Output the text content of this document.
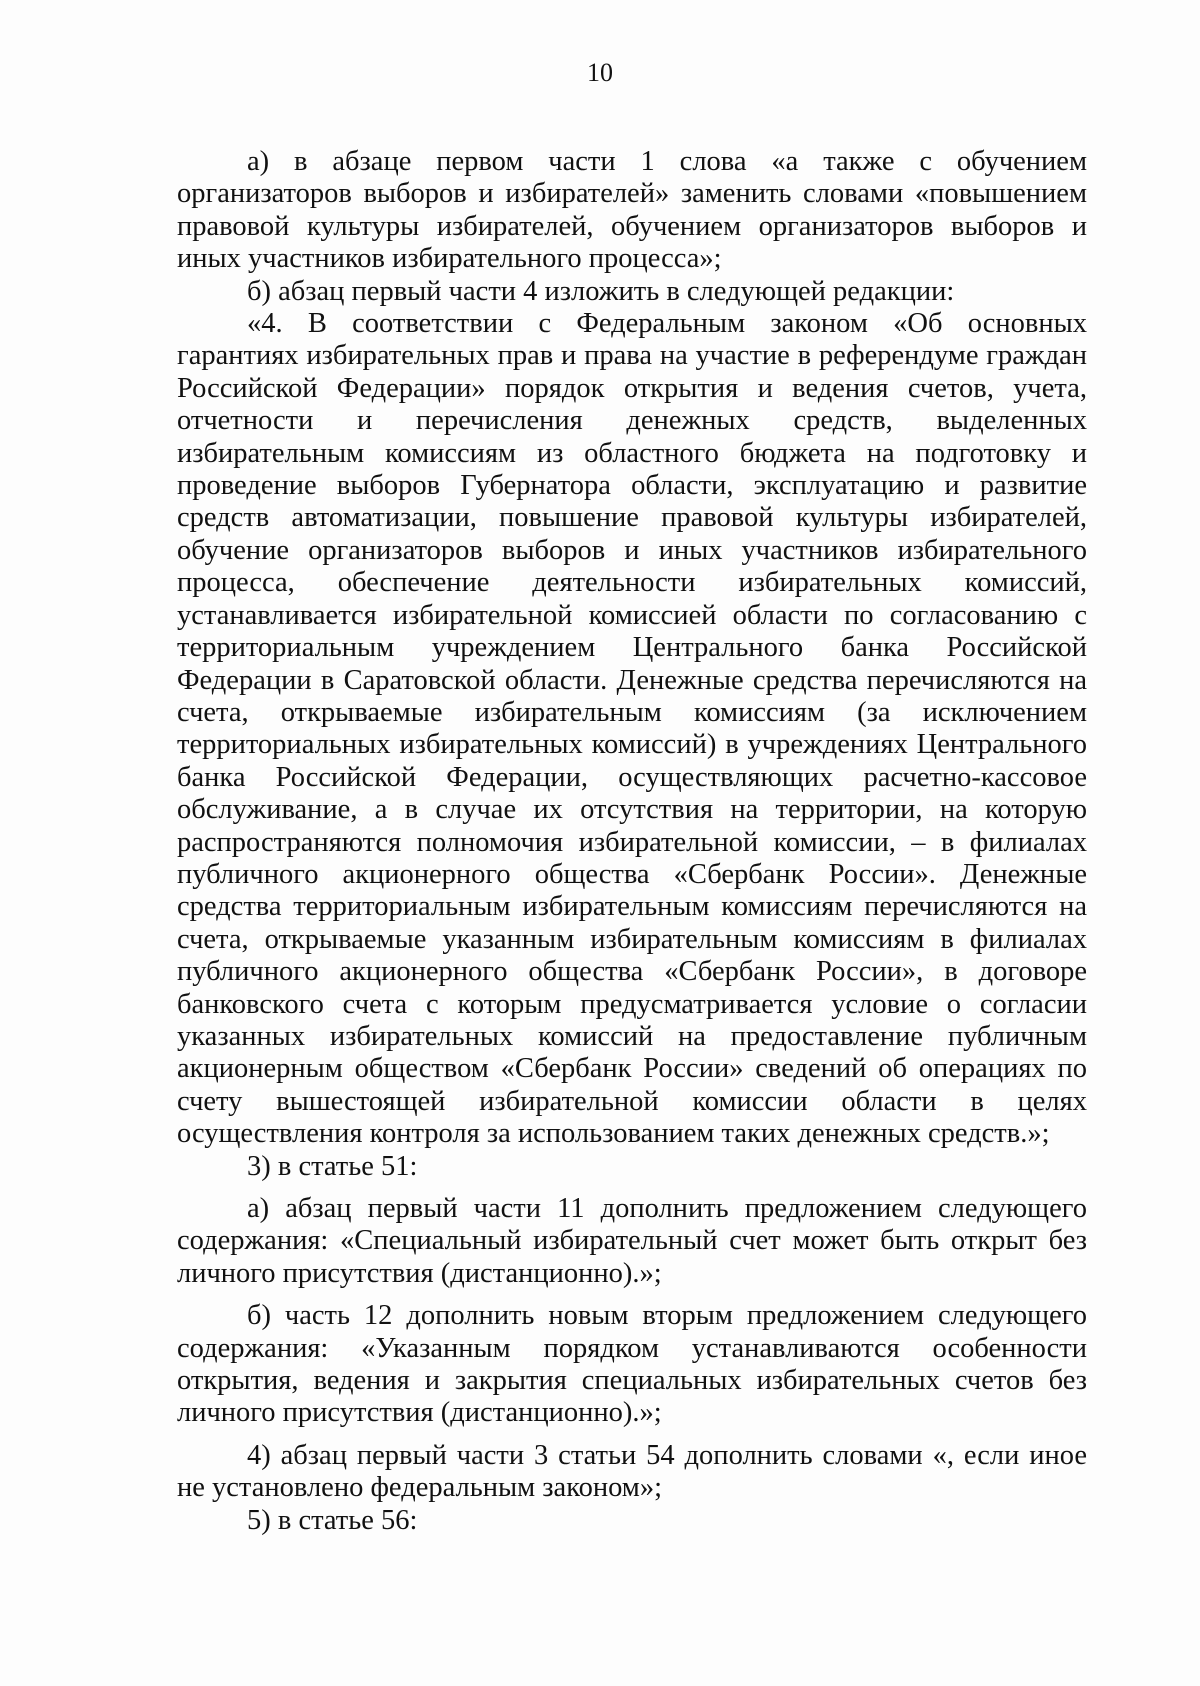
10

а) в абзаце первом части 1 слова «а также с обучением организаторов выборов и избирателей» заменить словами «повышением правовой культуры избирателей, обучением организаторов выборов и иных участников избирательного процесса»;

б) абзац первый части 4 изложить в следующей редакции:

«4. В соответствии с Федеральным законом «Об основных гарантиях избирательных прав и права на участие в референдуме граждан Российской Федерации» порядок открытия и ведения счетов, учета, отчетности и перечисления денежных средств, выделенных избирательным комиссиям из областного бюджета на подготовку и проведение выборов Губернатора области, эксплуатацию и развитие средств автоматизации, повышение правовой культуры избирателей, обучение организаторов выборов и иных участников избирательного процесса, обеспечение деятельности избирательных комиссий, устанавливается избирательной комиссией области по согласованию с территориальным учреждением Центрального банка Российской Федерации в Саратовской области. Денежные средства перечисляются на счета, открываемые избирательным комиссиям (за исключением территориальных избирательных комиссий) в учреждениях Центрального банка Российской Федерации, осуществляющих расчетно-кассовое обслуживание, а в случае их отсутствия на территории, на которую распространяются полномочия избирательной комиссии, – в филиалах публичного акционерного общества «Сбербанк России». Денежные средства территориальным избирательным комиссиям перечисляются на счета, открываемые указанным избирательным комиссиям в филиалах публичного акционерного общества «Сбербанк России», в договоре банковского счета с которым предусматривается условие о согласии указанных избирательных комиссий на предоставление публичным акционерным обществом «Сбербанк России» сведений об операциях по счету вышестоящей избирательной комиссии области в целях осуществления контроля за использованием таких денежных средств.»;

3) в статье 51:

а) абзац первый части 11 дополнить предложением следующего содержания: «Специальный избирательный счет может быть открыт без личного присутствия (дистанционно).»;

б) часть 12 дополнить новым вторым предложением следующего содержания: «Указанным порядком устанавливаются особенности открытия, ведения и закрытия специальных избирательных счетов без личного присутствия (дистанционно).»;

4) абзац первый части 3 статьи 54 дополнить словами «, если иное не установлено федеральным законом»;

5) в статье 56:
